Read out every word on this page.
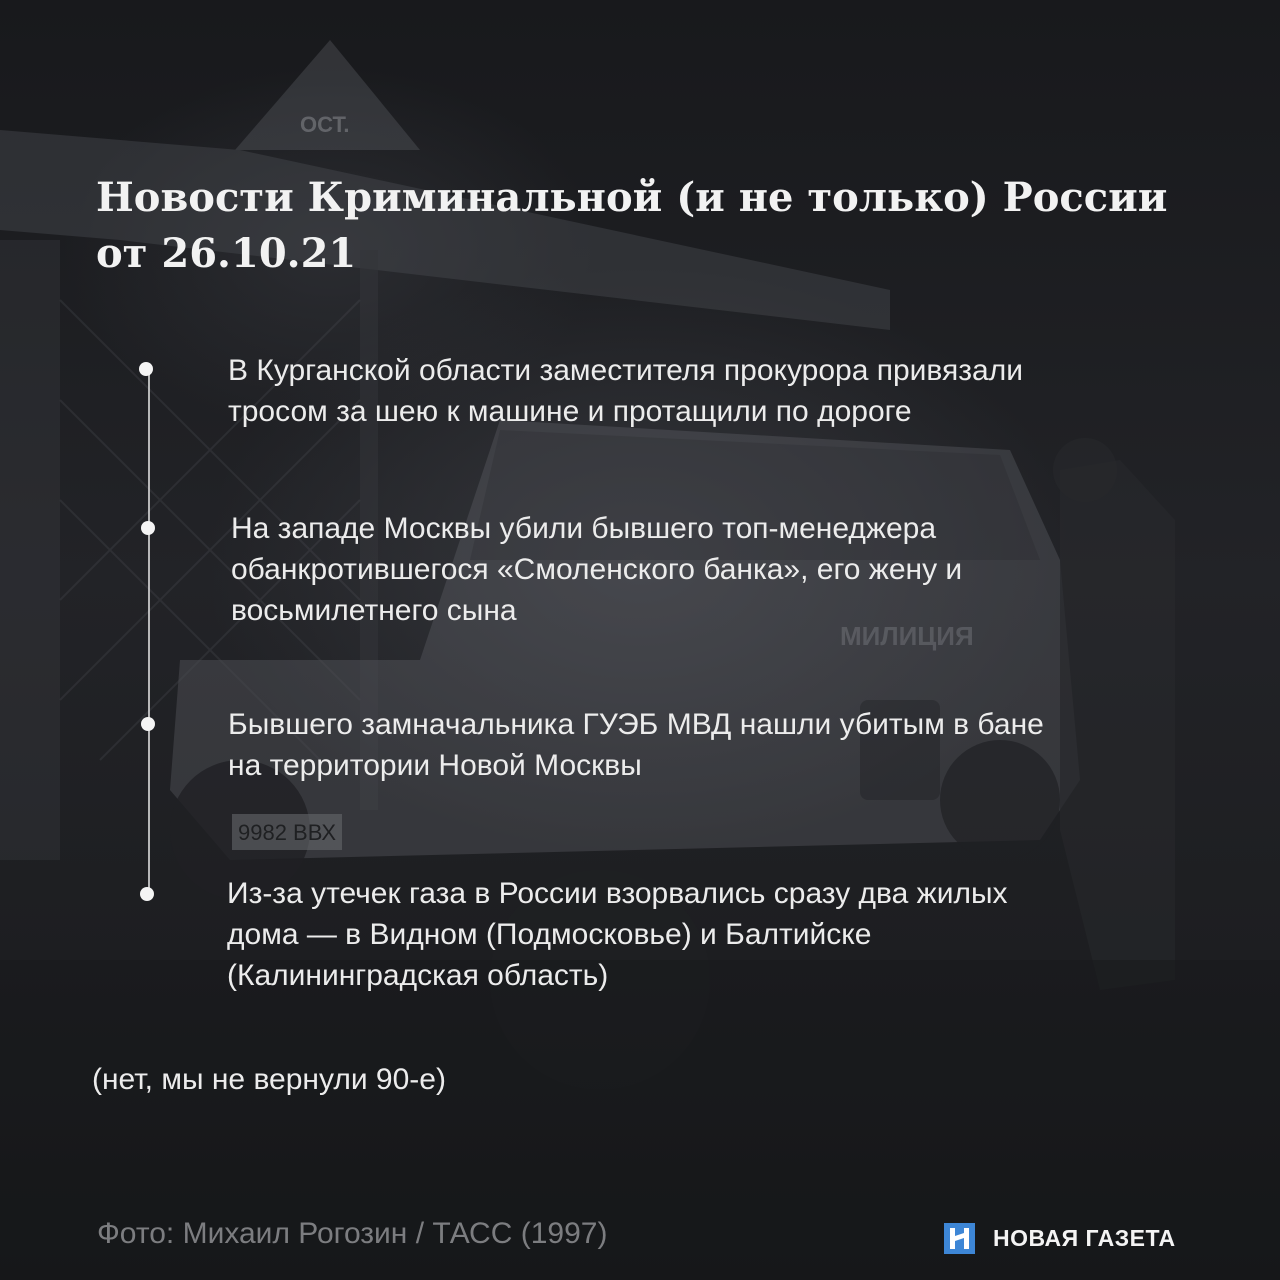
ОСТ.
9982 ВВХ
МИЛИЦИЯ
Новости Криминальной (и не только) России
от 26.10.21

В Курганской области заместителя прокурора привязали
тросом за шею к машине и протащили по дороге

На западе Москвы убили бывшего топ-менеджера
обанкротившегося «Смоленского банка», его жену и
восьмилетнего сына

Бывшего замначальника ГУЭБ МВД нашли убитым в бане
на территории Новой Москвы

Из-за утечек газа в России взорвались сразу два жилых
дома — в Видном (Подмосковье) и Балтийске
(Калининградская область)

(нет, мы не вернули 90-е)

Фото: Михаил Рогозин / ТАСС (1997)	НОВАЯ ГАЗЕТА
